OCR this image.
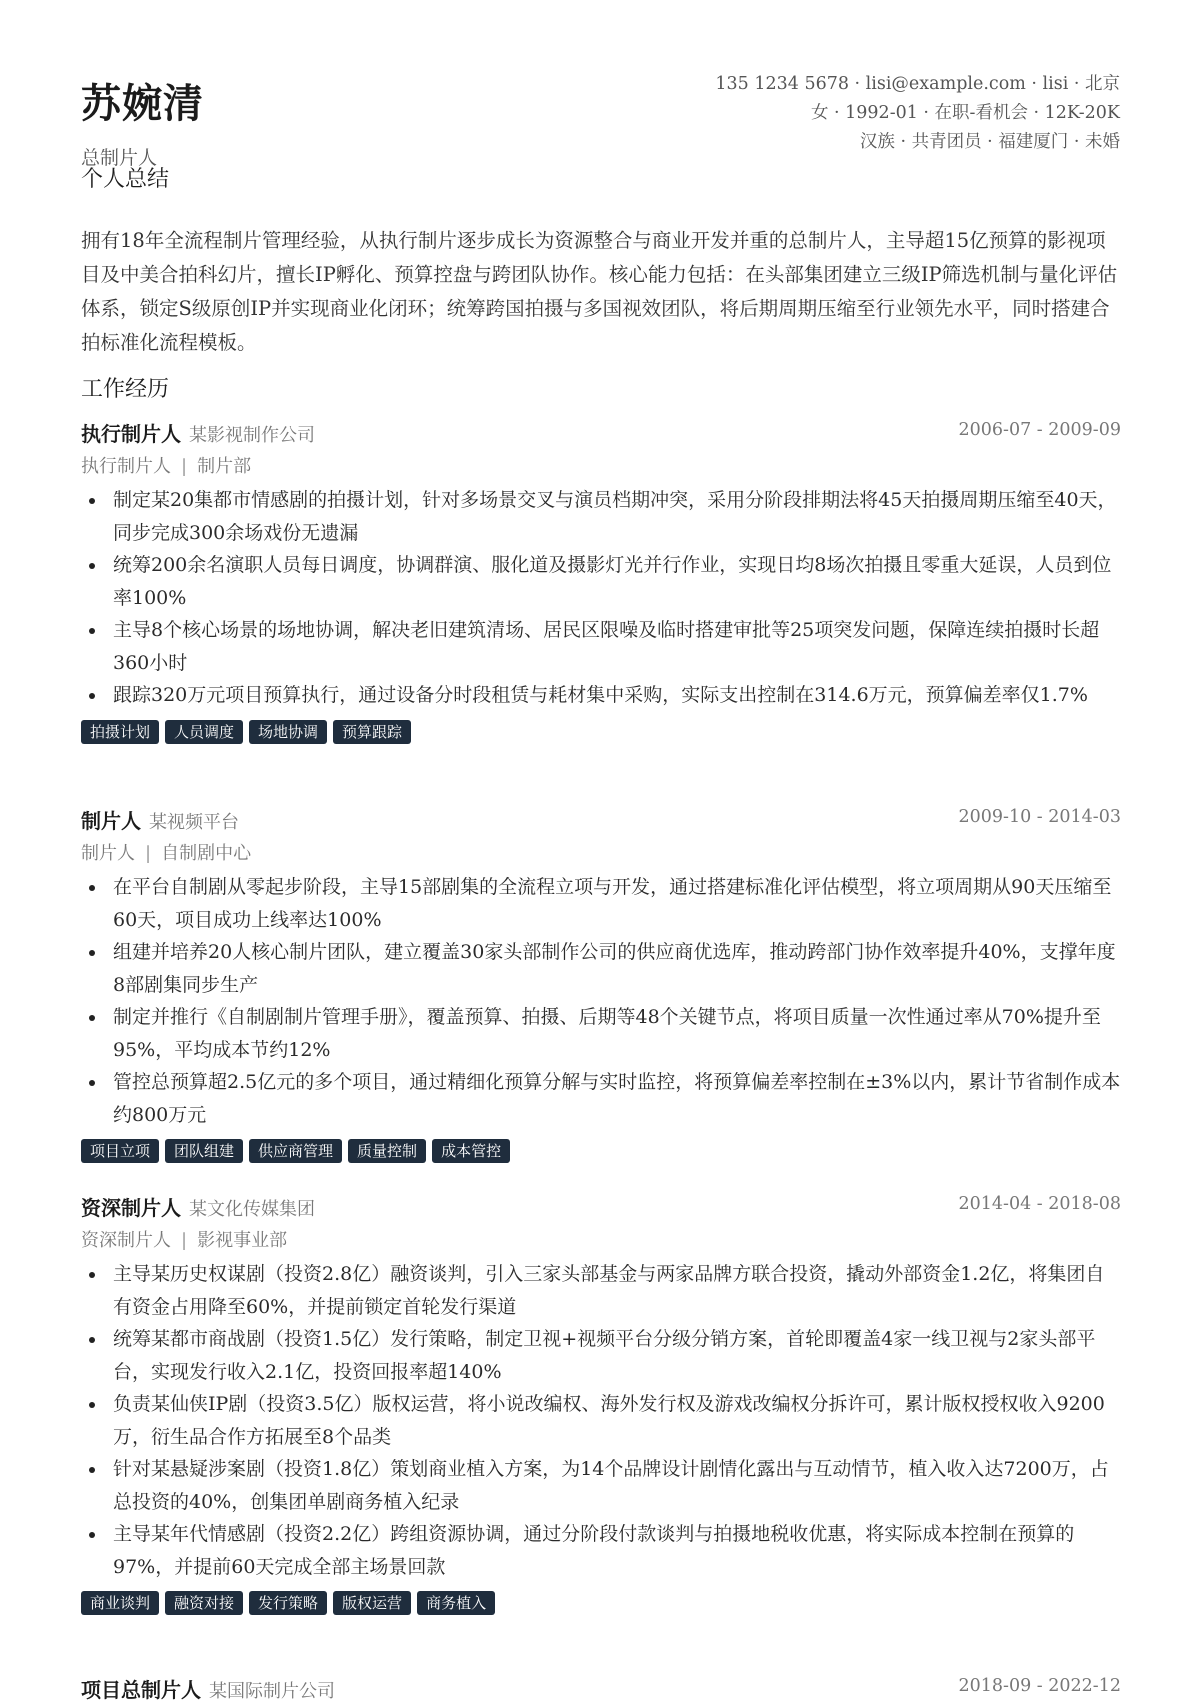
苏婉清
总制片人
135 1234 5678 · lisi@example.com · lisi · 北京
女 · 1992-01 · 在职-看机会 · 12K-20K
汉族 · 共青团员 · 福建厦门 · 未婚
个人总结

拥有18年全流程制片管理经验，从执行制片逐步成长为资源整合与商业开发并重的总制片人，主导超15亿预算的影视项目及中美合拍科幻片，擅长IP孵化、预算控盘与跨团队协作。核心能力包括：在头部集团建立三级IP筛选机制与量化评估体系，锁定S级原创IP并实现商业化闭环；统筹跨国拍摄与多国视效团队，将后期周期压缩至行业领先水平，同时搭建合拍标准化流程模板。

工作经历
执行制片人 某影视制作公司	2006-07 - 2009-09
执行制片人 | 制片部
制定某20集都市情感剧的拍摄计划，针对多场景交叉与演员档期冲突，采用分阶段排期法将45天拍摄周期压缩至40天，同步完成300余场戏份无遗漏
统筹200余名演职人员每日调度，协调群演、服化道及摄影灯光并行作业，实现日均8场次拍摄且零重大延误，人员到位率100%
主导8个核心场景的场地协调，解决老旧建筑清场、居民区限噪及临时搭建审批等25项突发问题，保障连续拍摄时长超360小时
跟踪320万元项目预算执行，通过设备分时段租赁与耗材集中采购，实际支出控制在314.6万元，预算偏差率仅1.7%
拍摄计划	人员调度	场地协调	预算跟踪
制片人 某视频平台	2009-10 - 2014-03
制片人 | 自制剧中心
在平台自制剧从零起步阶段，主导15部剧集的全流程立项与开发，通过搭建标准化评估模型，将立项周期从90天压缩至60天，项目成功上线率达100%
组建并培养20人核心制片团队，建立覆盖30家头部制作公司的供应商优选库，推动跨部门协作效率提升40%，支撑年度8部剧集同步生产
制定并推行《自制剧制片管理手册》，覆盖预算、拍摄、后期等48个关键节点，将项目质量一次性通过率从70%提升至95%，平均成本节约12%
管控总预算超2.5亿元的多个项目，通过精细化预算分解与实时监控，将预算偏差率控制在±3%以内，累计节省制作成本约800万元
项目立项	团队组建	供应商管理	质量控制	成本管控
资深制片人 某文化传媒集团	2014-04 - 2018-08
资深制片人 | 影视事业部
主导某历史权谋剧（投资2.8亿）融资谈判，引入三家头部基金与两家品牌方联合投资，撬动外部资金1.2亿，将集团自有资金占用降至60%，并提前锁定首轮发行渠道
统筹某都市商战剧（投资1.5亿）发行策略，制定卫视+视频平台分级分销方案，首轮即覆盖4家一线卫视与2家头部平台，实现发行收入2.1亿，投资回报率超140%
负责某仙侠IP剧（投资3.5亿）版权运营，将小说改编权、海外发行权及游戏改编权分拆许可，累计版权授权收入9200万，衍生品合作方拓展至8个品类
针对某悬疑涉案剧（投资1.8亿）策划商业植入方案，为14个品牌设计剧情化露出与互动情节，植入收入达7200万，占总投资的40%，创集团单剧商务植入纪录
主导某年代情感剧（投资2.2亿）跨组资源协调，通过分阶段付款谈判与拍摄地税收优惠，将实际成本控制在预算的97%，并提前60天完成全部主场景回款
商业谈判	融资对接	发行策略	版权运营	商务植入
项目总制片人 某国际制片公司	2018-09 - 2022-12
